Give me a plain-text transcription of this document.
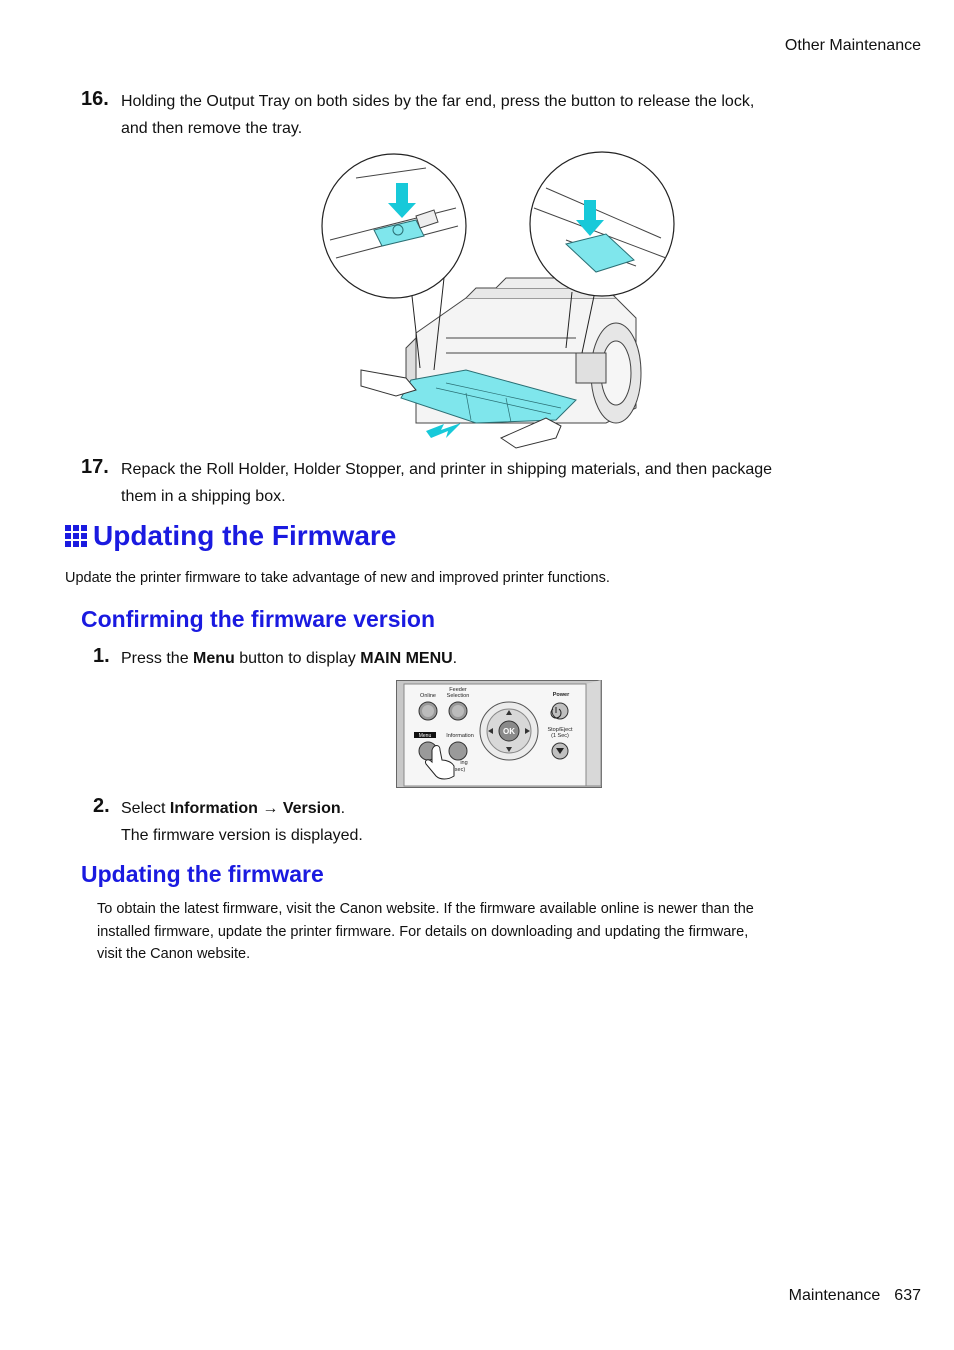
Other Maintenance
16. Holding the Output Tray on both sides by the far end, press the button to release the lock,
and then remove the tray.
17. Repack the Roll Holder, Holder Stopper, and printer in shipping materials, and then package
them in a shipping box.
Updating the Firmware
Update the printer firmware to take advantage of new and improved printer functions.
Confirming the firmware version
1. Press the Menu button to display MAIN MENU.
Online
Feeder
Selection	Power
Information
Stop/Eject
(1 Sec)
ing
sec)
Menu	OK
2. Select Information → Version.
The firmware version is displayed.
Updating the firmware
To obtain the latest firmware, visit the Canon website. If the firmware available online is newer than the
installed firmware, update the printer firmware. For details on downloading and updating the firmware,
visit the Canon website.
Maintenance 637
